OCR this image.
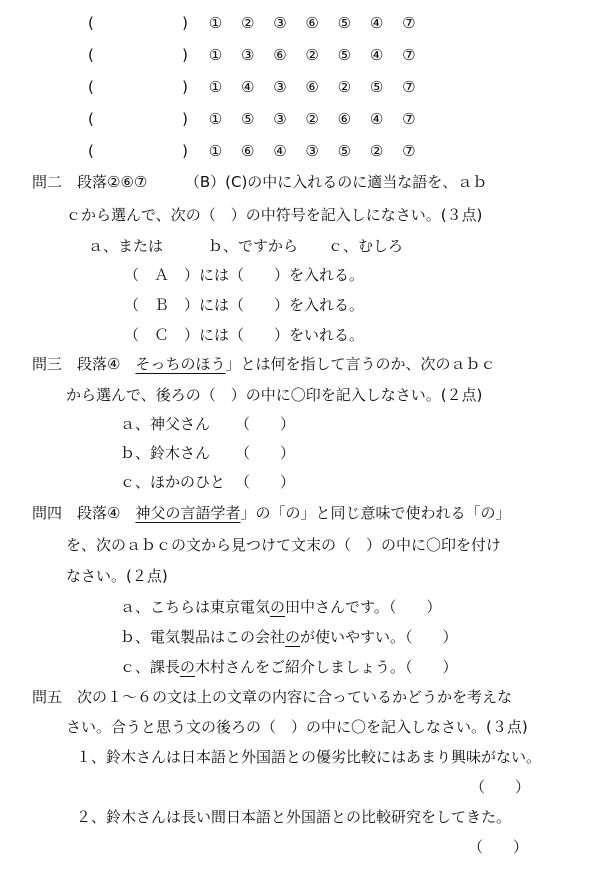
(	) ① ② ③ ⑥ ⑤ ④ ⑦
(	) ① ③ ⑥ ② ⑤ ④ ⑦
(	) ① ④ ③ ⑥ ② ⑤ ⑦
(	) ① ⑤ ③ ② ⑥ ④ ⑦
(	) ① ⑥ ④ ③ ⑤ ② ⑦
問二　段落②⑥⑦　　　（B）(C)の中に入れるのに適当な語を、ａｂ
ｃから選んで、次の（　）の中符号を記入しになさい。(３点)
ａ、または　　　ｂ、ですから　　ｃ、むしろ
（　Ａ　）には（　　）を入れる。
（　Ｂ　）には（　　）を入れる。
（　Ｃ　）には（　　）をいれる。
問三　段落④　そっちのほう」とは何を指して言うのか、次のａｂｃ
から選んで、後ろの（　）の中に〇印を記入しなさい。(２点)
ａ、神父さん （　　）
ｂ、鈴木さん （　　）
ｃ、ほかのひと （　　）
問四　段落④　神父の言語学者」の「の」と同じ意味で使われる「の」
を、次のａｂｃの文から見つけて文末の（　）の中に〇印を付け
なさい。(２点)
ａ、こちらは東京電気の田中さんです。（　　）
ｂ、電気製品はこの会社のが使いやすい。（　　）
ｃ、課長の木村さんをご紹介しましょう。（　　）
問五　次の１～６の文は上の文章の内容に合っているかどうかを考えな
さい。合うと思う文の後ろの（　）の中に〇を記入しなさい。(３点)
１、鈴木さんは日本語と外国語との優劣比較にはあまり興味がない。
（　　）
２、鈴木さんは長い間日本語と外国語との比較研究をしてきた。
（　　）
